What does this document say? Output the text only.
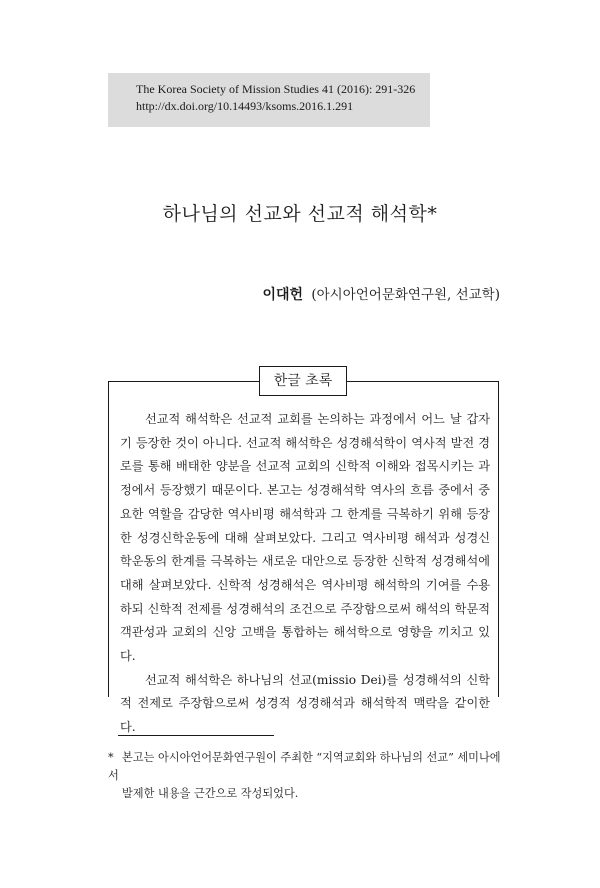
The Korea Society of Mission Studies 41 (2016): 291-326
http://dx.doi.org/10.14493/ksoms.2016.1.291
하나님의 선교와 선교적 해석학*
이대헌 (아시아언어문화연구원, 선교학)
한글 초록

선교적 해석학은 선교적 교회를 논의하는 과정에서 어느 날 갑자기 등장한 것이 아니다. 선교적 해석학은 성경해석학이 역사적 발전 경로를 통해 배태한 양분을 선교적 교회의 신학적 이해와 접목시키는 과정에서 등장했기 때문이다. 본고는 성경해석학 역사의 흐름 중에서 중요한 역할을 감당한 역사비평 해석학과 그 한계를 극복하기 위해 등장한 성경신학운동에 대해 살펴보았다. 그리고 역사비평 해석과 성경신학운동의 한계를 극복하는 새로운 대안으로 등장한 신학적 성경해석에 대해 살펴보았다. 신학적 성경해석은 역사비평 해석학의 기여를 수용하되 신학적 전제를 성경해석의 조건으로 주장함으로써 해석의 학문적 객관성과 교회의 신앙 고백을 통합하는 해석학으로 영향을 끼치고 있다.

선교적 해석학은 하나님의 선교(missio Dei)를 성경해석의 신학적 전제로 주장함으로써 성경적 성경해석과 해석학적 맥락을 같이한다.

* 본고는 아시아언어문화연구원이 주최한 “지역교회와 하나님의 선교” 세미나에서
발제한 내용을 근간으로 작성되었다.
